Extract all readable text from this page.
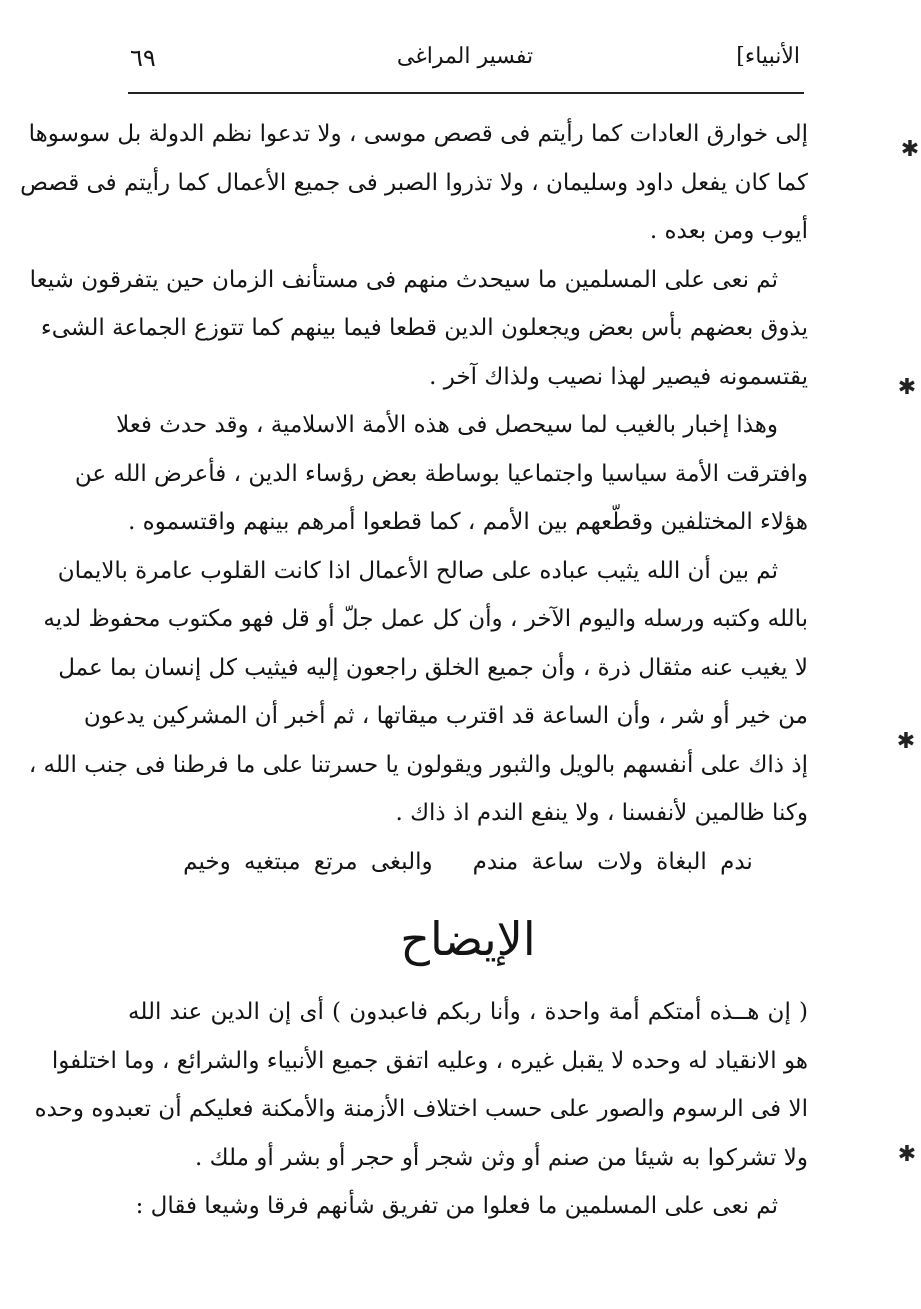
الأنبياء]
تفسير المراغى
٦٩
إلى خوارق العادات كما رأيتم فى قصص موسى ، ولا تدعوا نظم الدولة بل سوسوها
كما كان يفعل داود وسليمان ، ولا تذروا الصبر فى جميع الأعمال كما رأيتم فى قصص
أيوب ومن بعده .
ثم نعى على المسلمين ما سيحدث منهم فى مستأنف الزمان حين يتفرقون شيعا
يذوق بعضهم بأس بعض ويجعلون الدين قطعا فيما بينهم كما تتوزع الجماعة الشىء
يقتسمونه فيصير لهذا نصيب ولذاك آخر .
وهذا إخبار بالغيب لما سيحصل فى هذه الأمة الاسلامية ، وقد حدث فعلا
وافترقت الأمة سياسيا واجتماعيا بوساطة بعض رؤساء الدين ، فأعرض الله عن
هؤلاء المختلفين وقطّعهم بين الأمم ، كما قطعوا أمرهم بينهم واقتسموه .
ثم بين أن الله يثيب عباده على صالح الأعمال اذا كانت القلوب عامرة بالايمان
بالله وكتبه ورسله واليوم الآخر ، وأن كل عمل جلّ أو قل فهو مكتوب محفوظ لديه
لا يغيب عنه مثقال ذرة ، وأن جميع الخلق راجعون إليه فيثيب كل إنسان بما عمل
من خير أو شر ، وأن الساعة قد اقترب ميقاتها ، ثم أخبر أن المشركين يدعون
إذ ذاك على أنفسهم بالويل والثبور ويقولون يا حسرتنا على ما فرطنا فى جنب الله ،
وكنا ظالمين لأنفسنا ، ولا ينفع الندم اذ ذاك .
ندم البغاة ولات ساعة مندموالبغى مرتع مبتغيه وخيم
الإيضاح
( إن هــذه أمتكم أمة واحدة ، وأنا ربكم فاعبدون ) أى إن الدين عند الله
هو الانقياد له وحده لا يقبل غيره ، وعليه اتفق جميع الأنبياء والشرائع ، وما اختلفوا
الا فى الرسوم والصور على حسب اختلاف الأزمنة والأمكنة فعليكم أن تعبدوه وحده
ولا تشركوا به شيئا من صنم أو وثن شجر أو حجر أو بشر أو ملك .
ثم نعى على المسلمين ما فعلوا من تفريق شأنهم فرقا وشيعا فقال :
✱
✱
✱
✱
